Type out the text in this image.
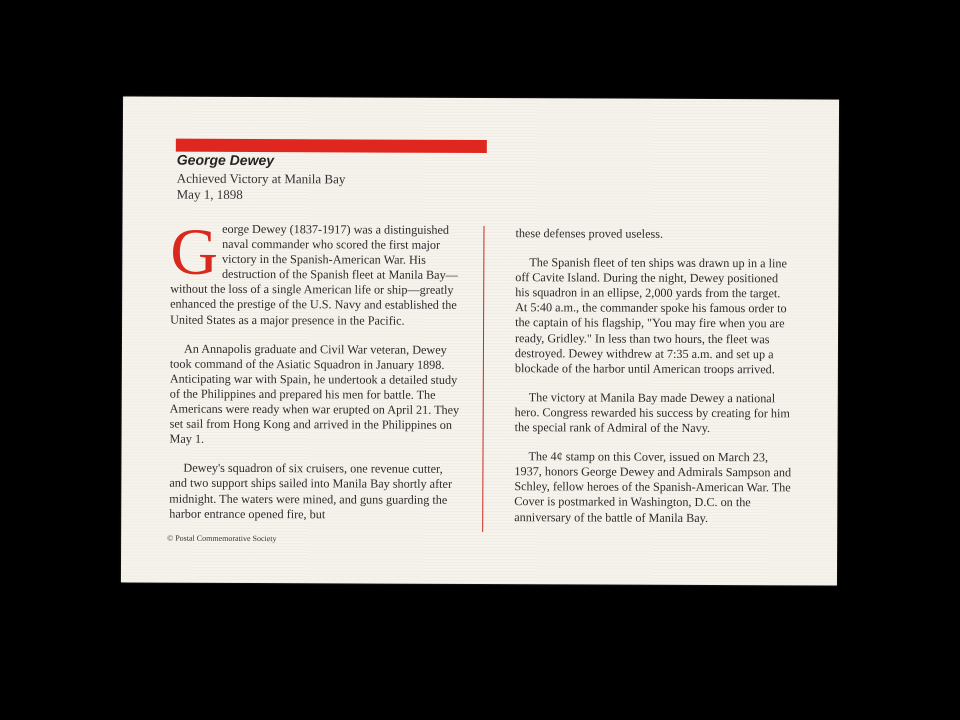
George Dewey

Achieved Victory at Manila Bay

May 1, 1898

George Dewey (1837-1917) was a distinguished naval commander who scored the first major victory in the Spanish-American War. His destruction of the Spanish fleet at Manila Bay—without the loss of a single American life or ship—greatly enhanced the prestige of the U.S. Navy and established the United States as a major presence in the Pacific.

An Annapolis graduate and Civil War veteran, Dewey took command of the Asiatic Squadron in January 1898. Anticipating war with Spain, he undertook a detailed study of the Philippines and prepared his men for battle. The Americans were ready when war erupted on April 21. They set sail from Hong Kong and arrived in the Philippines on May 1.

Dewey's squadron of six cruisers, one revenue cutter, and two support ships sailed into Manila Bay shortly after midnight. The waters were mined, and guns guarding the harbor entrance opened fire, but

these defenses proved useless.

The Spanish fleet of ten ships was drawn up in a line off Cavite Island. During the night, Dewey positioned his squadron in an ellipse, 2,000 yards from the target. At 5:40 a.m., the commander spoke his famous order to the captain of his flagship, "You may fire when you are ready, Gridley." In less than two hours, the fleet was destroyed. Dewey withdrew at 7:35 a.m. and set up a blockade of the harbor until American troops arrived.

The victory at Manila Bay made Dewey a national hero. Congress rewarded his success by creating for him the special rank of Admiral of the Navy.

The 4¢ stamp on this Cover, issued on March 23, 1937, honors George Dewey and Admirals Sampson and Schley, fellow heroes of the Spanish-American War. The Cover is postmarked in Washington, D.C. on the anniversary of the battle of Manila Bay.

© Postal Commemorative Society
